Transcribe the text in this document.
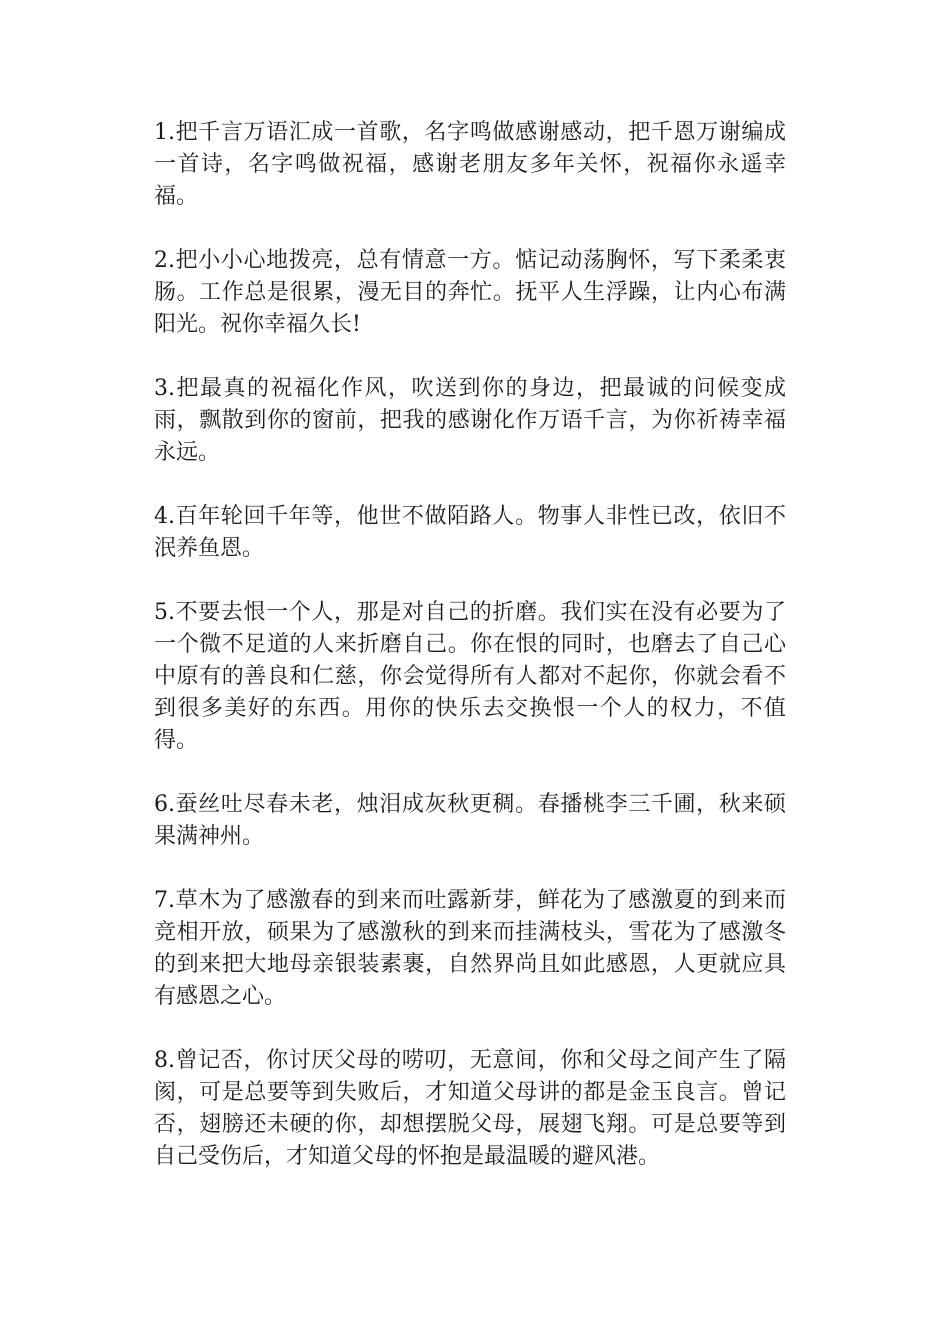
1.把千言万语汇成一首歌，名字鸣做感谢感动，把千恩万谢编成一首诗，名字鸣做祝福，感谢老朋友多年关怀，祝福你永遥幸福。

2.把小小心地拨亮，总有情意一方。惦记动荡胸怀，写下柔柔衷肠。工作总是很累，漫无目的奔忙。抚平人生浮躁，让内心布满阳光。祝你幸福久长!

3.把最真的祝福化作风，吹送到你的身边，把最诚的问候变成雨，飘散到你的窗前，把我的感谢化作万语千言，为你祈祷幸福永远。

4.百年轮回千年等，他世不做陌路人。物事人非性已改，依旧不泯养鱼恩。

5.不要去恨一个人，那是对自己的折磨。我们实在没有必要为了一个微不足道的人来折磨自己。你在恨的同时，也磨去了自己心中原有的善良和仁慈，你会觉得所有人都对不起你，你就会看不到很多美好的东西。用你的快乐去交换恨一个人的权力，不值得。

6.蚕丝吐尽春未老，烛泪成灰秋更稠。春播桃李三千圃，秋来硕果满神州。

7.草木为了感激春的到来而吐露新芽，鲜花为了感激夏的到来而竞相开放，硕果为了感激秋的到来而挂满枝头，雪花为了感激冬的到来把大地母亲银装素裹，自然界尚且如此感恩，人更就应具有感恩之心。

8.曾记否，你讨厌父母的唠叨，无意间，你和父母之间产生了隔阂，可是总要等到失败后，才知道父母讲的都是金玉良言。曾记否，翅膀还未硬的你，却想摆脱父母，展翅飞翔。可是总要等到自己受伤后，才知道父母的怀抱是最温暖的避风港。
